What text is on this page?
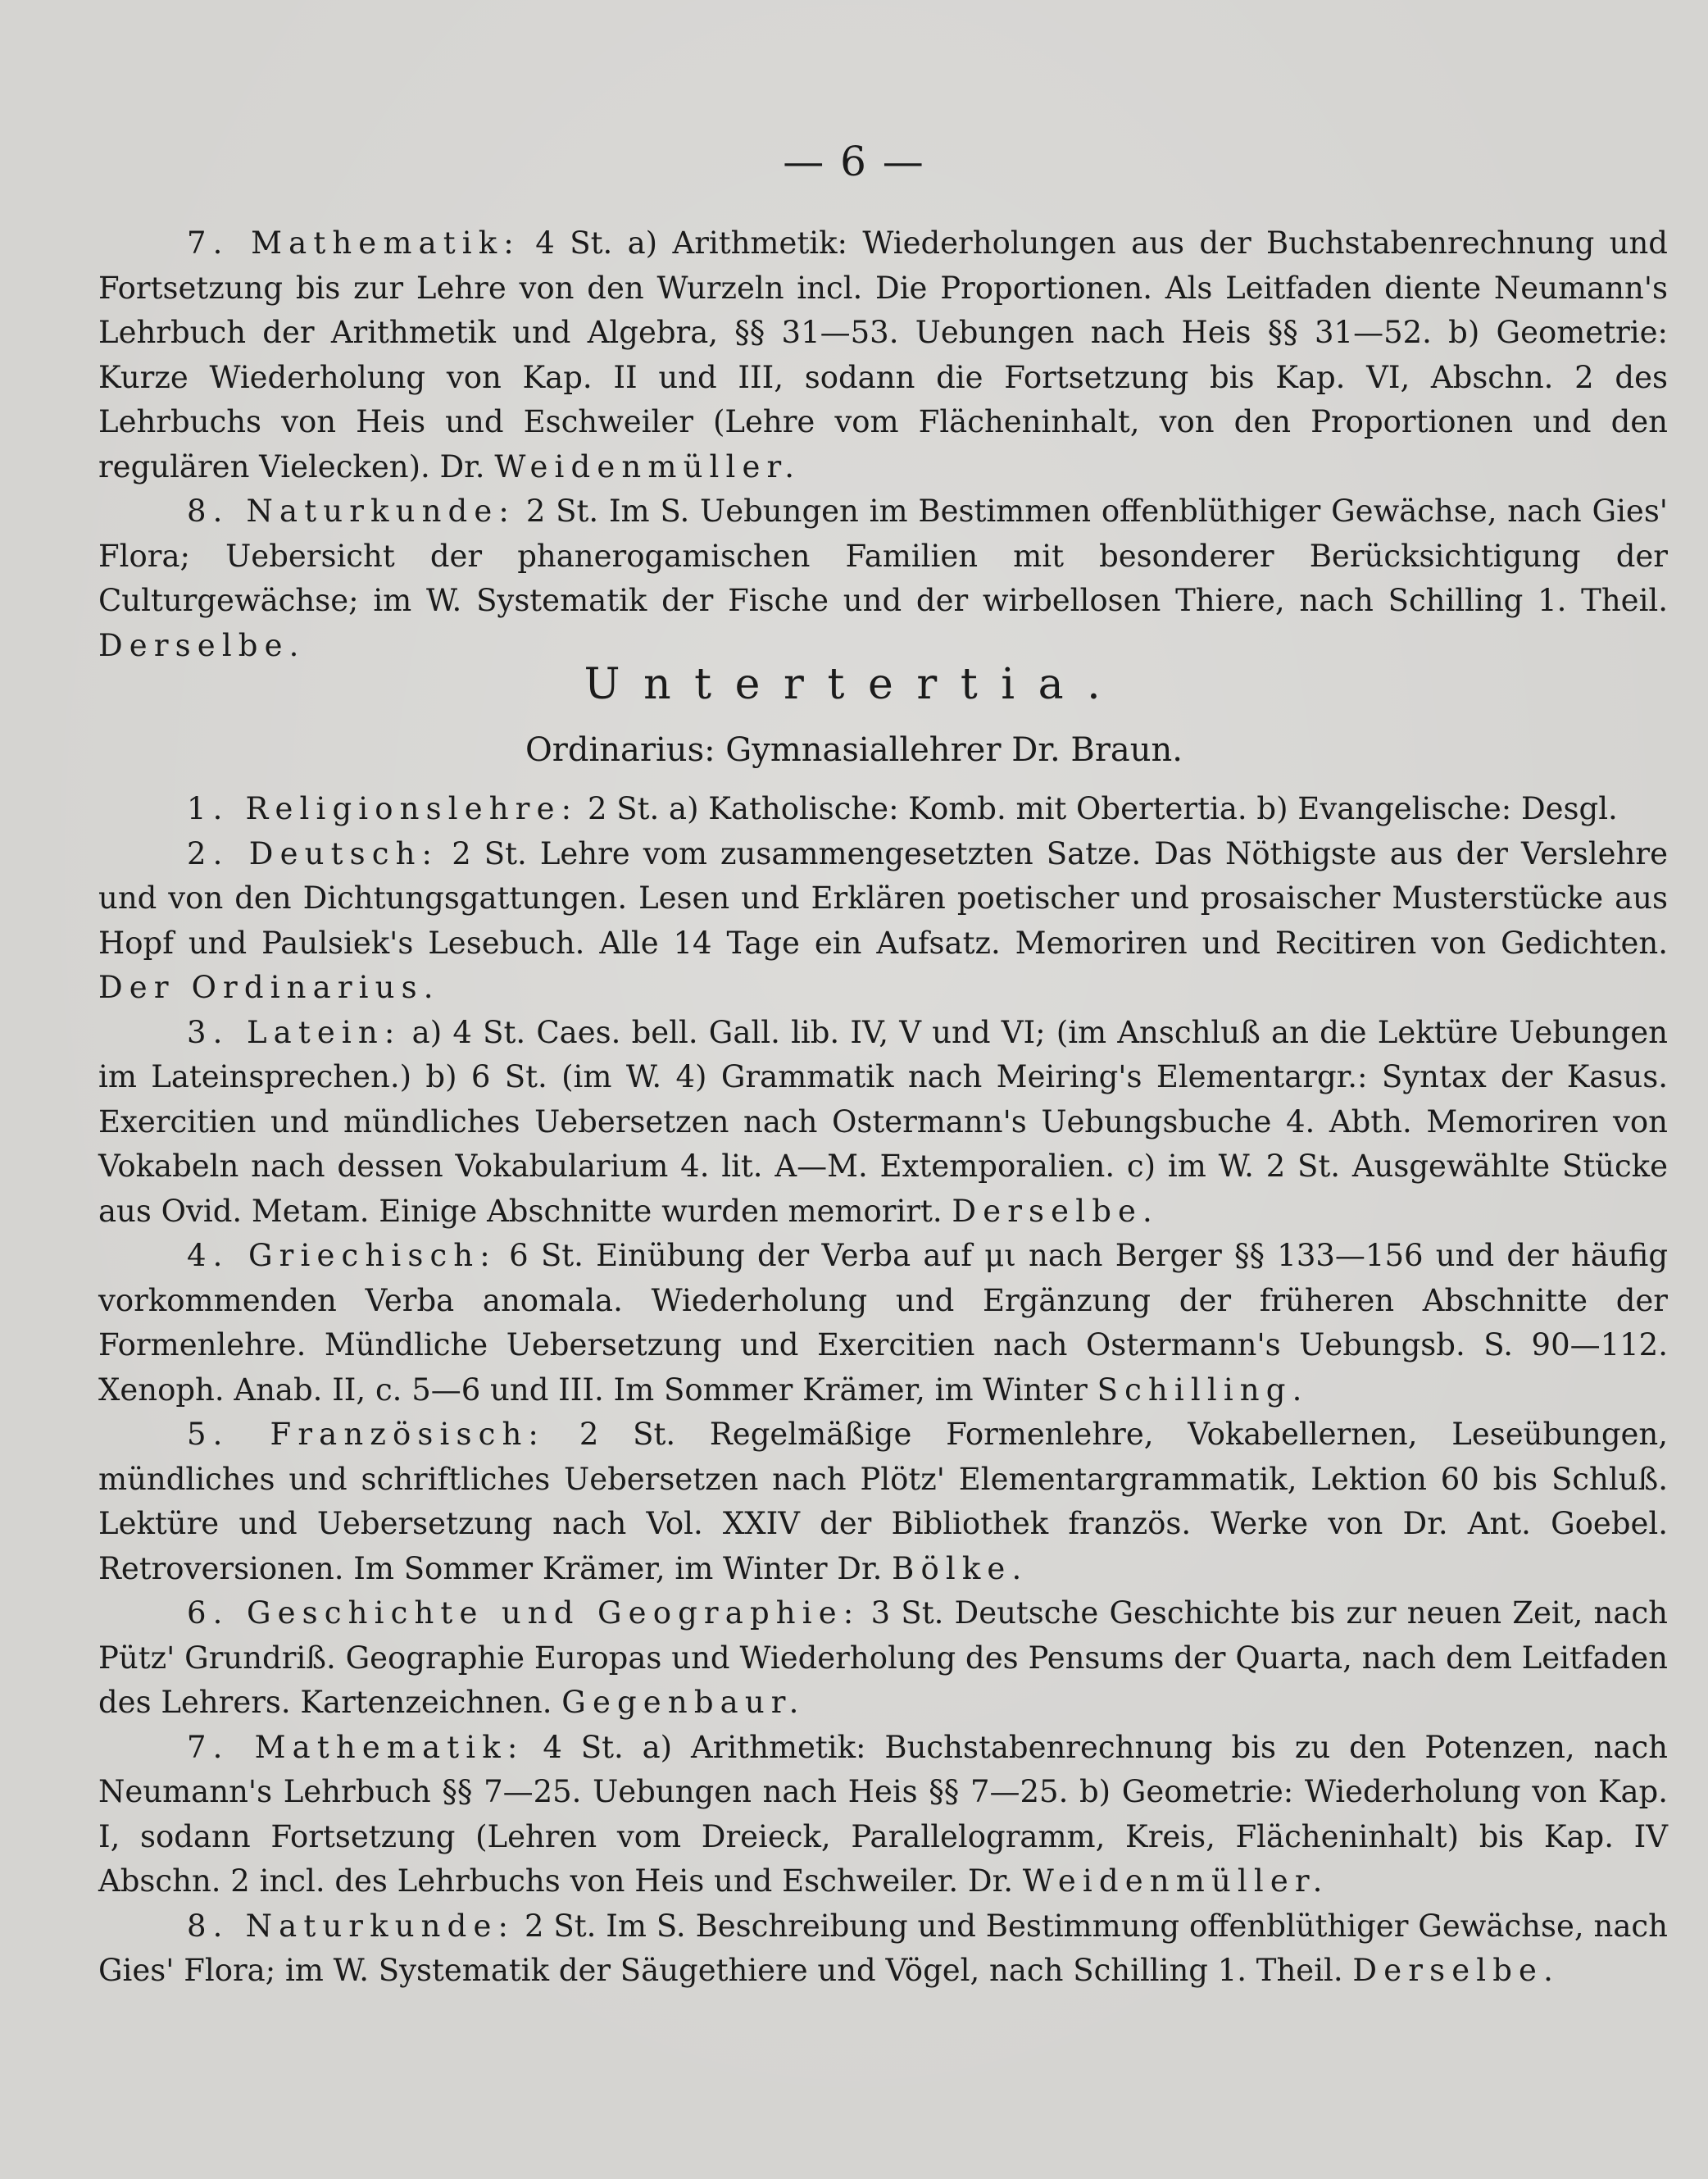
— 6 —

7. Mathematik: 4 St. a) Arithmetik: Wiederholungen aus der Buchstabenrechnung und Fortsetzung bis zur Lehre von den Wurzeln incl. Die Proportionen. Als Leitfaden diente Neumann's Lehrbuch der Arithmetik und Algebra, §§ 31—53. Uebungen nach Heis §§ 31—52. b) Geometrie: Kurze Wiederholung von Kap. II und III, sodann die Fortsetzung bis Kap. VI, Abschn. 2 des Lehrbuchs von Heis und Eschweiler (Lehre vom Flächeninhalt, von den Proportionen und den regulären Vielecken). Dr. Weidenmüller.

8. Naturkunde: 2 St. Im S. Uebungen im Bestimmen offenblüthiger Gewächse, nach Gies' Flora; Uebersicht der phanerogamischen Familien mit besonderer Berücksichtigung der Culturgewächse; im W. Systematik der Fische und der wirbellosen Thiere, nach Schilling 1. Theil. Derselbe.

Untertertia.
Ordinarius: Gymnasiallehrer Dr. Braun.

1. Religionslehre: 2 St. a) Katholische: Komb. mit Obertertia. b) Evangelische: Desgl.

2. Deutsch: 2 St. Lehre vom zusammengesetzten Satze. Das Nöthigste aus der Verslehre und von den Dichtungsgattungen. Lesen und Erklären poetischer und prosaischer Musterstücke aus Hopf und Paulsiek's Lesebuch. Alle 14 Tage ein Aufsatz. Memoriren und Recitiren von Gedichten. Der Ordinarius.

3. Latein: a) 4 St. Caes. bell. Gall. lib. IV, V und VI; (im Anschluß an die Lektüre Uebungen im Lateinsprechen.) b) 6 St. (im W. 4) Grammatik nach Meiring's Elementargr.: Syntax der Kasus. Exercitien und mündliches Uebersetzen nach Ostermann's Uebungsbuche 4. Abth. Memoriren von Vokabeln nach dessen Vokabularium 4. lit. A—M. Extemporalien. c) im W. 2 St. Ausgewählte Stücke aus Ovid. Metam. Einige Abschnitte wurden memorirt. Derselbe.

4. Griechisch: 6 St. Einübung der Verba auf μι nach Berger §§ 133—156 und der häufig vorkommenden Verba anomala. Wiederholung und Ergänzung der früheren Abschnitte der Formenlehre. Mündliche Uebersetzung und Exercitien nach Ostermann's Uebungsb. S. 90—112. Xenoph. Anab. II, c. 5—6 und III. Im Sommer Krämer, im Winter Schilling.

5. Französisch: 2 St. Regelmäßige Formenlehre, Vokabellernen, Leseübungen, mündliches und schriftliches Uebersetzen nach Plötz' Elementargrammatik, Lektion 60 bis Schluß. Lektüre und Uebersetzung nach Vol. XXIV der Bibliothek französ. Werke von Dr. Ant. Goebel. Retroversionen. Im Sommer Krämer, im Winter Dr. Bölke.

6. Geschichte und Geographie: 3 St. Deutsche Geschichte bis zur neuen Zeit, nach Pütz' Grundriß. Geographie Europas und Wiederholung des Pensums der Quarta, nach dem Leitfaden des Lehrers. Kartenzeichnen. Gegenbaur.

7. Mathematik: 4 St. a) Arithmetik: Buchstabenrechnung bis zu den Potenzen, nach Neumann's Lehrbuch §§ 7—25. Uebungen nach Heis §§ 7—25. b) Geometrie: Wiederholung von Kap. I, sodann Fortsetzung (Lehren vom Dreieck, Parallelogramm, Kreis, Flächeninhalt) bis Kap. IV Abschn. 2 incl. des Lehrbuchs von Heis und Eschweiler. Dr. Weidenmüller.

8. Naturkunde: 2 St. Im S. Beschreibung und Bestimmung offenblüthiger Gewächse, nach Gies' Flora; im W. Systematik der Säugethiere und Vögel, nach Schilling 1. Theil. Derselbe.
